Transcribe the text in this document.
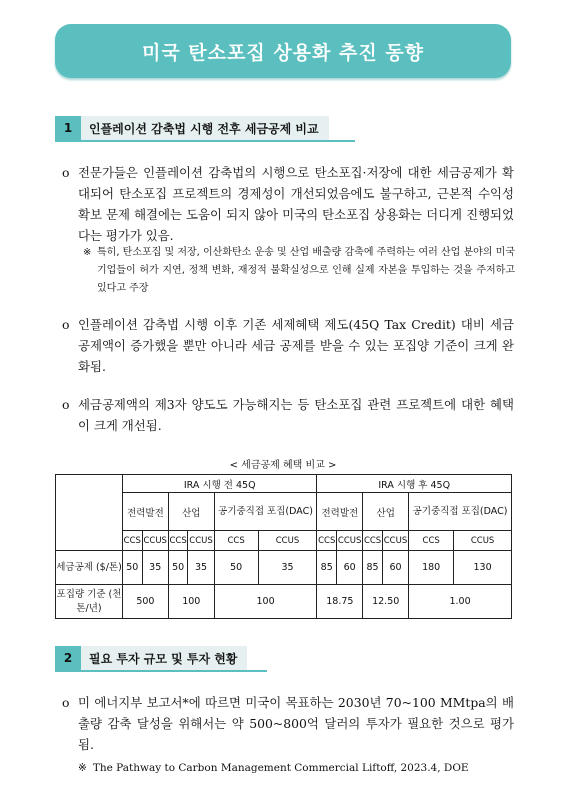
미국 탄소포집 상용화 추진 동향
1	인플레이션 감축법 시행 전후 세금공제 비교
o 전문가들은 인플레이션 감축법의 시행으로 탄소포집·저장에 대한 세금공제가 확대되어 탄소포집 프로젝트의 경제성이 개선되었음에도 불구하고, 근본적 수익성 확보 문제 해결에는 도움이 되지 않아 미국의 탄소포집 상용화는 더디게 진행되었다는 평가가 있음.
※ 특히, 탄소포집 및 저장, 이산화탄소 운송 및 산업 배출량 감축에 주력하는 여러 산업 분야의 미국 기업들이 허가 지연, 정책 변화, 재정적 불확실성으로 인해 실제 자본을 투입하는 것을 주저하고 있다고 주장
o 인플레이션 감축법 시행 이후 기존 세제혜택 제도(45Q Tax Credit) 대비 세금 공제액이 증가했을 뿐만 아니라 세금 공제를 받을 수 있는 포집양 기준이 크게 완화됨.
o 세금공제액의 제3자 양도도 가능해지는 등 탄소포집 관련 프로젝트에 대한 혜택이 크게 개선됨.
< 세금공제 혜택 비교 >
	IRA 시행 전 45Q						IRA 시행 후 45Q					
	전력발전		산업		공기중직접 포집(DAC)		전력발전		산업		공기중직접 포집(DAC)	
	CCS	CCUS	CCS	CCUS	CCS	CCUS	CCS	CCUS	CCS	CCUS	CCS	CCUS
세금공제 ($/톤)	50	35	50	35	50	35	85	60	85	60	180	130
포집량 기준 (천톤/년)	500		100		100		18.75		12.50		1.00	
2	필요 투자 규모 및 투자 현황
o 미 에너지부 보고서*에 따르면 미국이 목표하는 2030년 70~100 MMtpa의 배출량 감축 달성을 위해서는 약 500~800억 달러의 투자가 필요한 것으로 평가됨.
※ The Pathway to Carbon Management Commercial Liftoff, 2023.4, DOE
